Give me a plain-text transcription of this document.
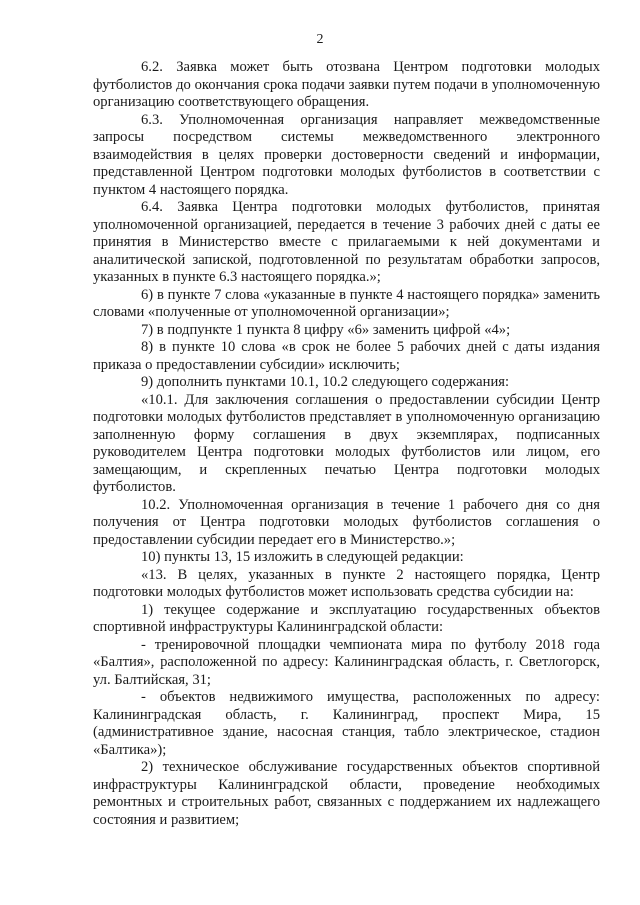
2

6.2. Заявка может быть отозвана Центром подготовки молодых футболистов до окончания срока подачи заявки путем подачи в уполномоченную организацию соответствующего обращения.

6.3. Уполномоченная организация направляет межведомственные запросы посредством системы межведомственного электронного взаимодействия в целях проверки достоверности сведений и информации, представленной Центром подготовки молодых футболистов в соответствии с пунктом 4 настоящего порядка.

6.4. Заявка Центра подготовки молодых футболистов, принятая уполномоченной организацией, передается в течение 3 рабочих дней с даты ее принятия в Министерство вместе с прилагаемыми к ней документами и аналитической запиской, подготовленной по результатам обработки запросов, указанных в пункте 6.3 настоящего порядка.»;

6) в пункте 7 слова «указанные в пункте 4 настоящего порядка» заменить словами «полученные от уполномоченной организации»;

7) в подпункте 1 пункта 8 цифру «6» заменить цифрой «4»;

8) в пункте 10 слова «в срок не более 5 рабочих дней с даты издания приказа о предоставлении субсидии» исключить;

9) дополнить пунктами 10.1, 10.2 следующего содержания:

«10.1. Для заключения соглашения о предоставлении субсидии Центр подготовки молодых футболистов представляет в уполномоченную организацию заполненную форму соглашения в двух экземплярах, подписанных руководителем Центра подготовки молодых футболистов или лицом, его замещающим, и скрепленных печатью Центра подготовки молодых футболистов.

10.2. Уполномоченная организация в течение 1 рабочего дня со дня получения от Центра подготовки молодых футболистов соглашения о предоставлении субсидии передает его в Министерство.»;

10) пункты 13, 15 изложить в следующей редакции:

«13. В целях, указанных в пункте 2 настоящего порядка, Центр подготовки молодых футболистов может использовать средства субсидии на:

1) текущее содержание и эксплуатацию государственных объектов спортивной инфраструктуры Калининградской области:

- тренировочной площадки чемпионата мира по футболу 2018 года «Балтия», расположенной по адресу: Калининградская область, г. Светлогорск, ул. Балтийская, 31;

- объектов недвижимого имущества, расположенных по адресу: Калининградская область, г. Калининград, проспект Мира, 15 (административное здание, насосная станция, табло электрическое, стадион «Балтика»);

2) техническое обслуживание государственных объектов спортивной инфраструктуры Калининградской области, проведение необходимых ремонтных и строительных работ, связанных с поддержанием их надлежащего состояния и развитием;
